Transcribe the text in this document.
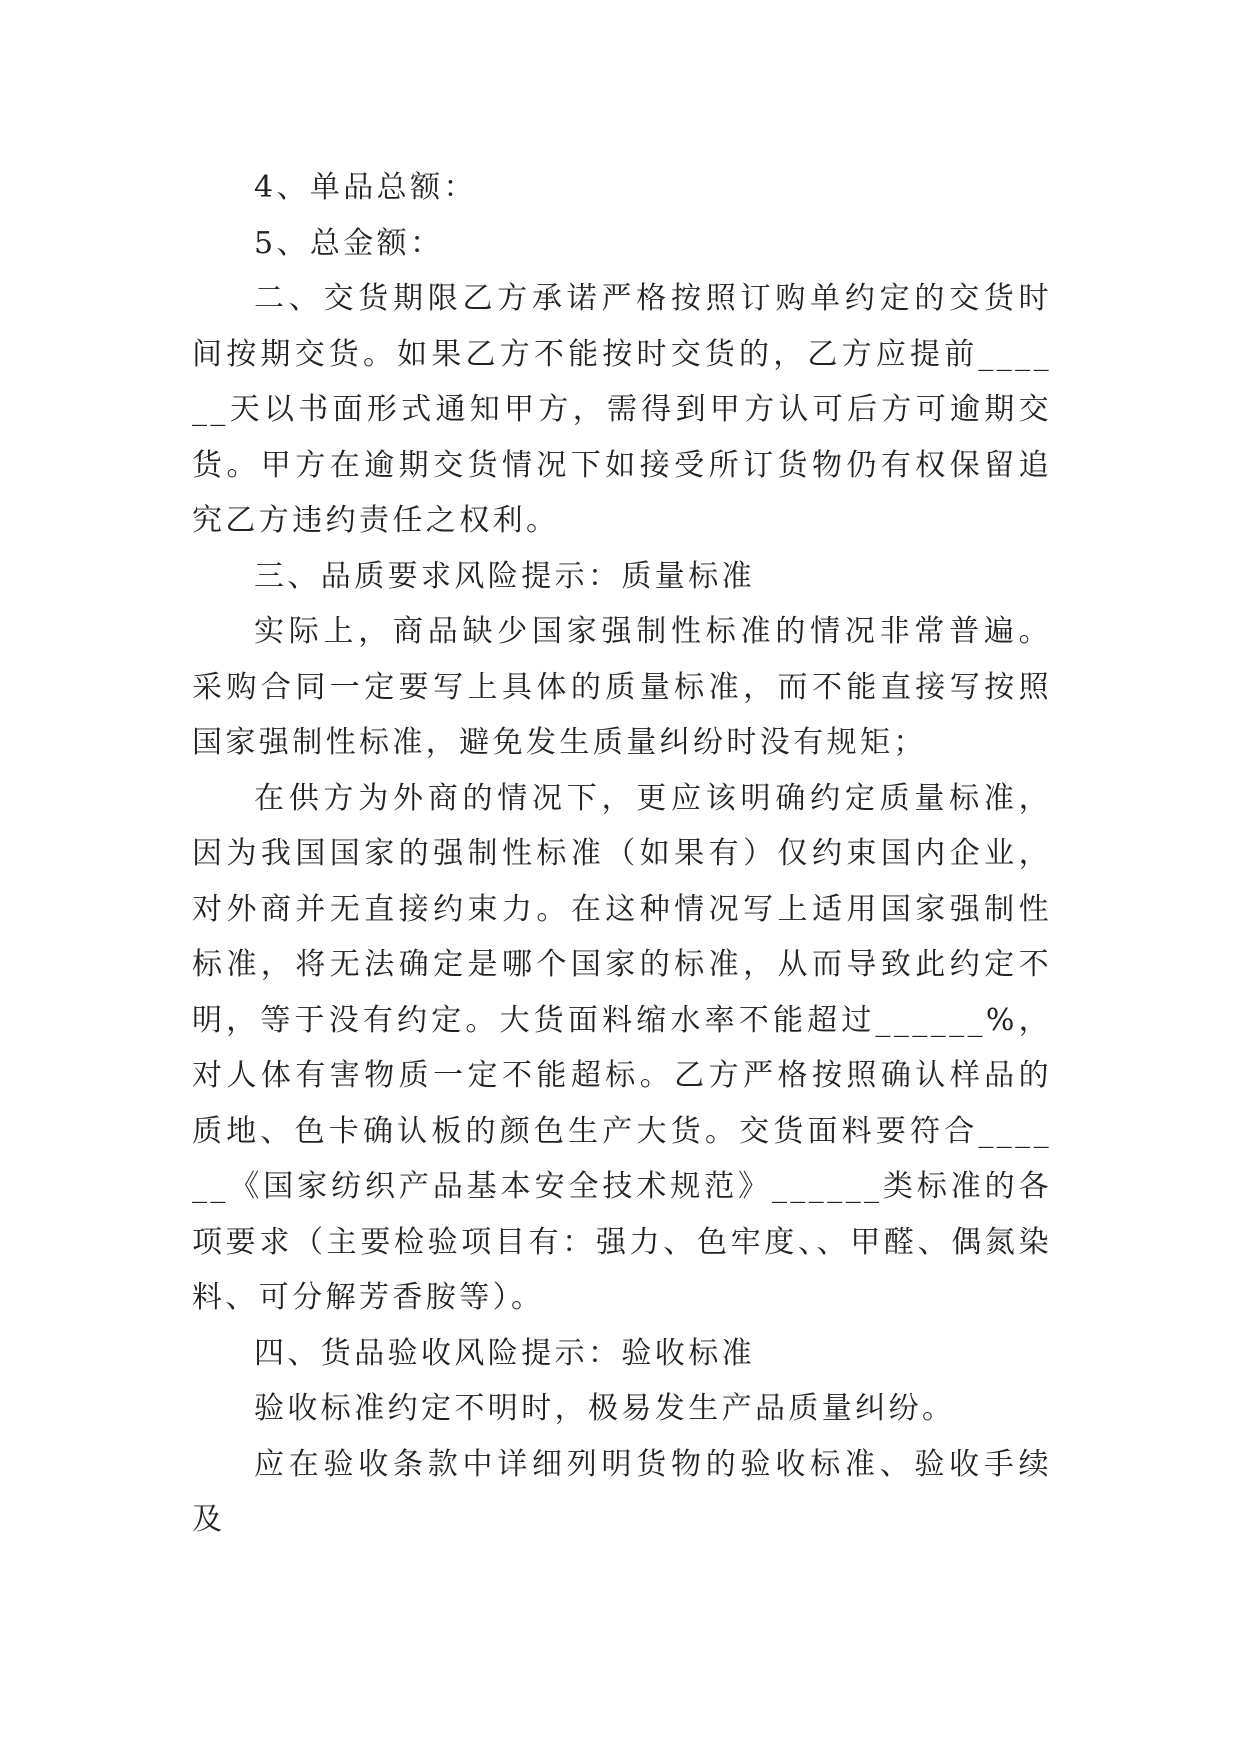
4、单品总额：

5、总金额：

二、交货期限乙方承诺严格按照订购单约定的交货时间按期交货。如果乙方不能按时交货的，乙方应提前______天以书面形式通知甲方，需得到甲方认可后方可逾期交货。甲方在逾期交货情况下如接受所订货物仍有权保留追究乙方违约责任之权利。

三、品质要求风险提示：质量标准

实际上，商品缺少国家强制性标准的情况非常普遍。采购合同一定要写上具体的质量标准，而不能直接写按照国家强制性标准，避免发生质量纠纷时没有规矩；

在供方为外商的情况下，更应该明确约定质量标准，因为我国国家的强制性标准（如果有）仅约束国内企业，对外商并无直接约束力。在这种情况写上适用国家强制性标准，将无法确定是哪个国家的标准，从而导致此约定不明，等于没有约定。大货面料缩水率不能超过______%，对人体有害物质一定不能超标。乙方严格按照确认样品的质地、色卡确认板的颜色生产大货。交货面料要符合______《国家纺织产品基本安全技术规范》______类标准的各项要求（主要检验项目有：强力、色牢度、、甲醛、偶氮染料、可分解芳香胺等）。

四、货品验收风险提示：验收标准

验收标准约定不明时，极易发生产品质量纠纷。

应在验收条款中详细列明货物的验收标准、验收手续及
